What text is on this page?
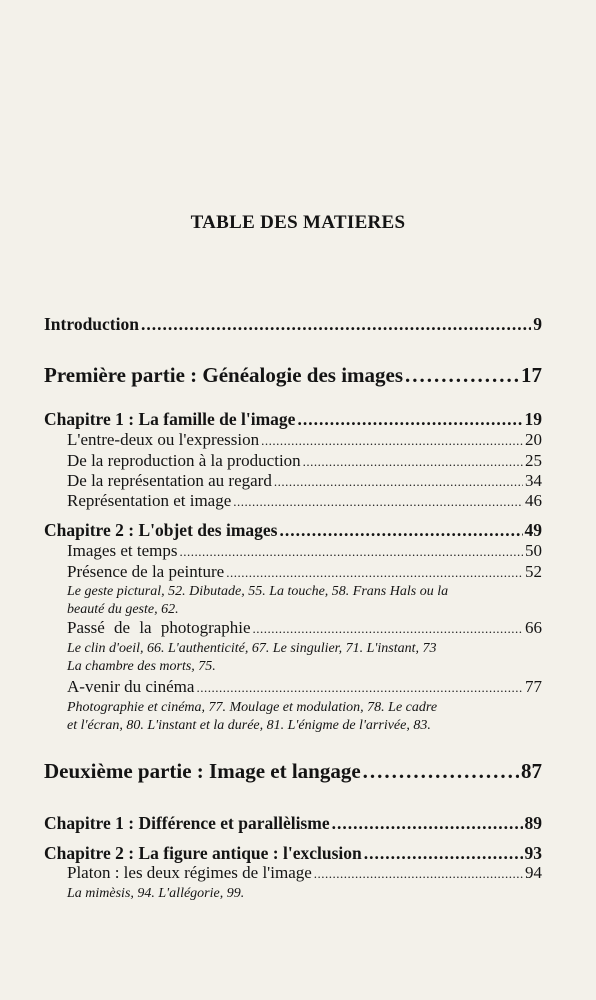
TABLE DES MATIERES
Introduction .....	9
Première partie : Généalogie des images .....	17
Chapitre 1 : La famille de l'image .....	19
L'entre-deux ou l'expression .....	20
De la reproduction à la production .....	25
De la représentation au regard .....	34
Représentation et image .....	46
Chapitre 2 : L'objet des images .....	49
Images et temps .....	50
Présence de la peinture .....	52
Le geste pictural, 52. Dibutade, 55. La touche, 58. Frans Hals ou la
beauté du geste, 62.
Passé de la photographie .....	66
Le clin d'oeil, 66. L'authenticité, 67. Le singulier, 71. L'instant, 73
La chambre des morts, 75.
A-venir du cinéma .....	77
Photographie et cinéma, 77. Moulage et modulation, 78. Le cadre
et l'écran, 80. L'instant et la durée, 81. L'énigme de l'arrivée, 83.
Deuxième partie : Image et langage .....	87
Chapitre 1 : Différence et parallèlisme .....	89
Chapitre 2 : La figure antique : l'exclusion .....	93
Platon : les deux régimes de l'image .....	94
La mimèsis, 94. L'allégorie, 99.
